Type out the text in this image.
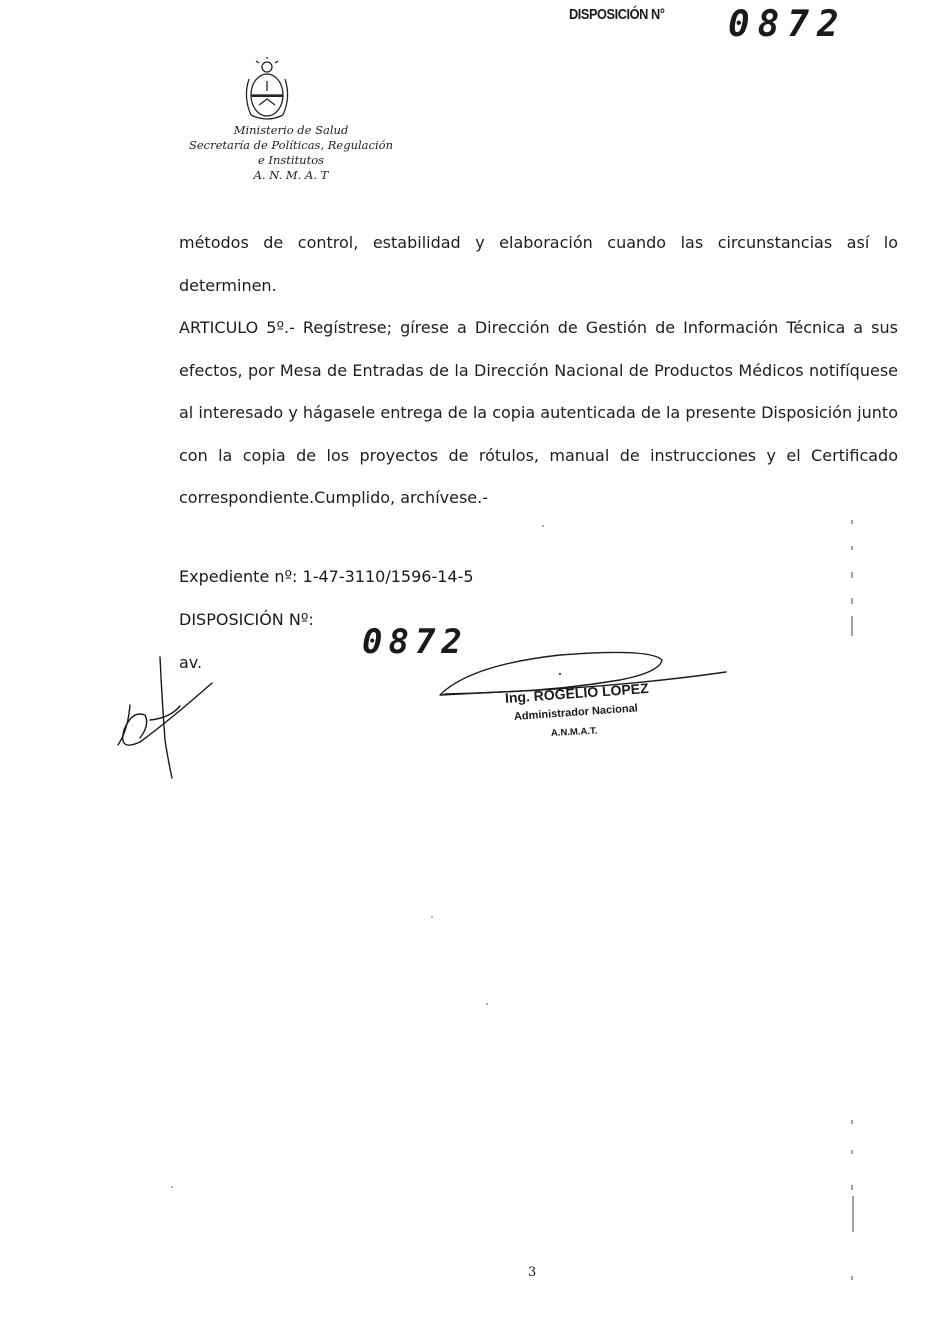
DISPOSICIÓN N° 0872
Ministerio de Salud
Secretaría de Políticas, Regulación
e Institutos
A. N. M. A. T

métodos de control, estabilidad y elaboración cuando las circunstancias así lo determinen.

ARTICULO 5º.- Regístrese; gírese a Dirección de Gestión de Información Técnica a sus efectos, por Mesa de Entradas de la Dirección Nacional de Productos Médicos notifíquese al interesado y hágasele entrega de la copia autenticada de la presente Disposición junto con la copia de los proyectos de rótulos, manual de instrucciones y el Certificado correspondiente.Cumplido, archívese.-

Expediente nº: 1-47-3110/1596-14-5
DISPOSICIÓN Nº:
0872
av.
Ing. ROGELIO LOPEZ
Administrador Nacional
A.N.M.A.T.
3
